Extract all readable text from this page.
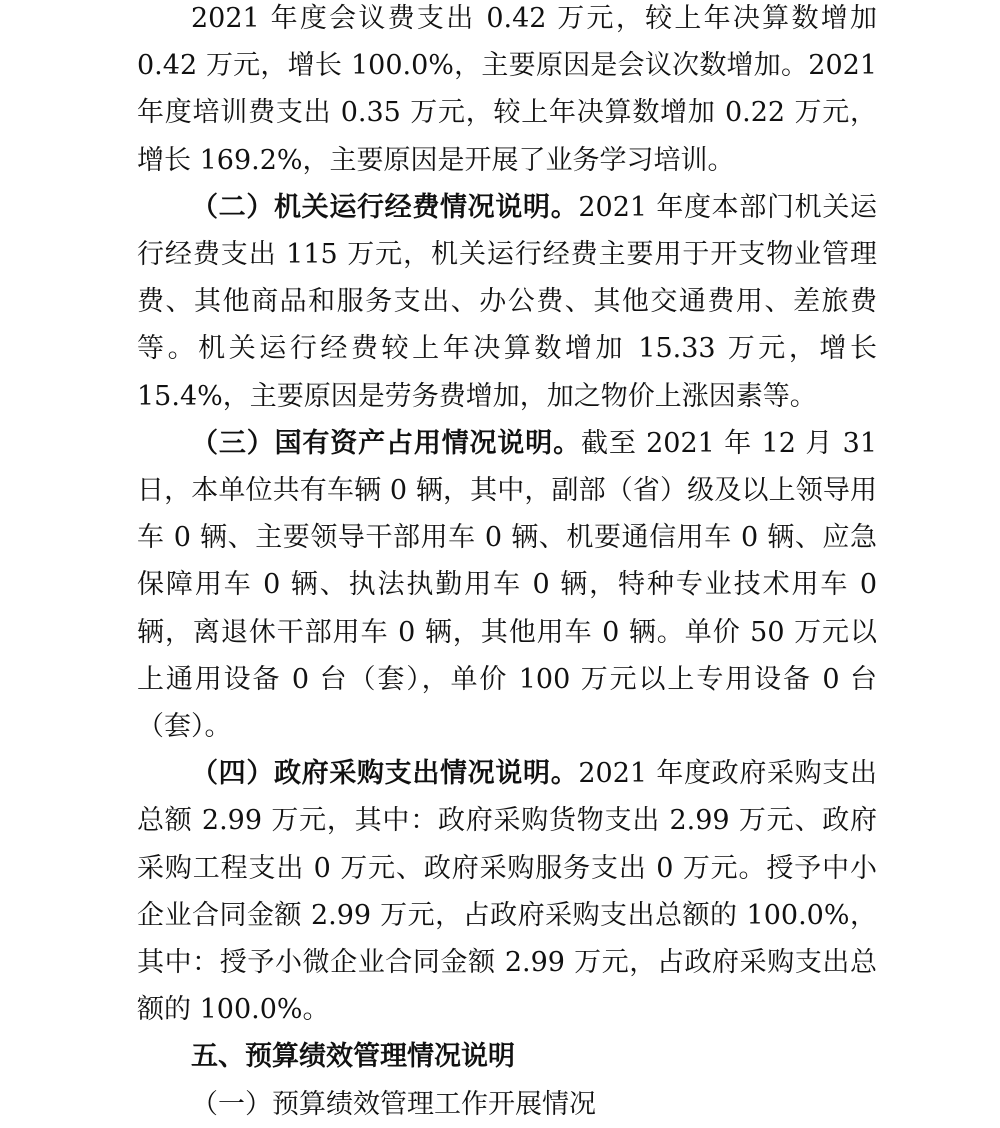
2021 年度会议费支出 0.42 万元，较上年决算数增加 0.42 万元，增长 100.0%，主要原因是会议次数增加。2021 年度培训费支出 0.35 万元，较上年决算数增加 0.22 万元，增长 169.2%，主要原因是开展了业务学习培训。

（二）机关运行经费情况说明。2021 年度本部门机关运行经费支出 115 万元，机关运行经费主要用于开支物业管理费、其他商品和服务支出、办公费、其他交通费用、差旅费等。机关运行经费较上年决算数增加 15.33 万元，增长 15.4%，主要原因是劳务费增加，加之物价上涨因素等。

（三）国有资产占用情况说明。截至 2021 年 12 月 31 日，本单位共有车辆 0 辆，其中，副部（省）级及以上领导用车 0 辆、主要领导干部用车 0 辆、机要通信用车 0 辆、应急保障用车 0 辆、执法执勤用车 0 辆，特种专业技术用车 0 辆，离退休干部用车 0 辆，其他用车 0 辆。单价 50 万元以上通用设备 0 台（套），单价 100 万元以上专用设备 0 台（套）。

（四）政府采购支出情况说明。2021 年度政府采购支出总额 2.99 万元，其中：政府采购货物支出 2.99 万元、政府采购工程支出 0 万元、政府采购服务支出 0 万元。授予中小企业合同金额 2.99 万元，占政府采购支出总额的 100.0%，其中：授予小微企业合同金额 2.99 万元，占政府采购支出总额的 100.0%。

五、预算绩效管理情况说明

（一）预算绩效管理工作开展情况
